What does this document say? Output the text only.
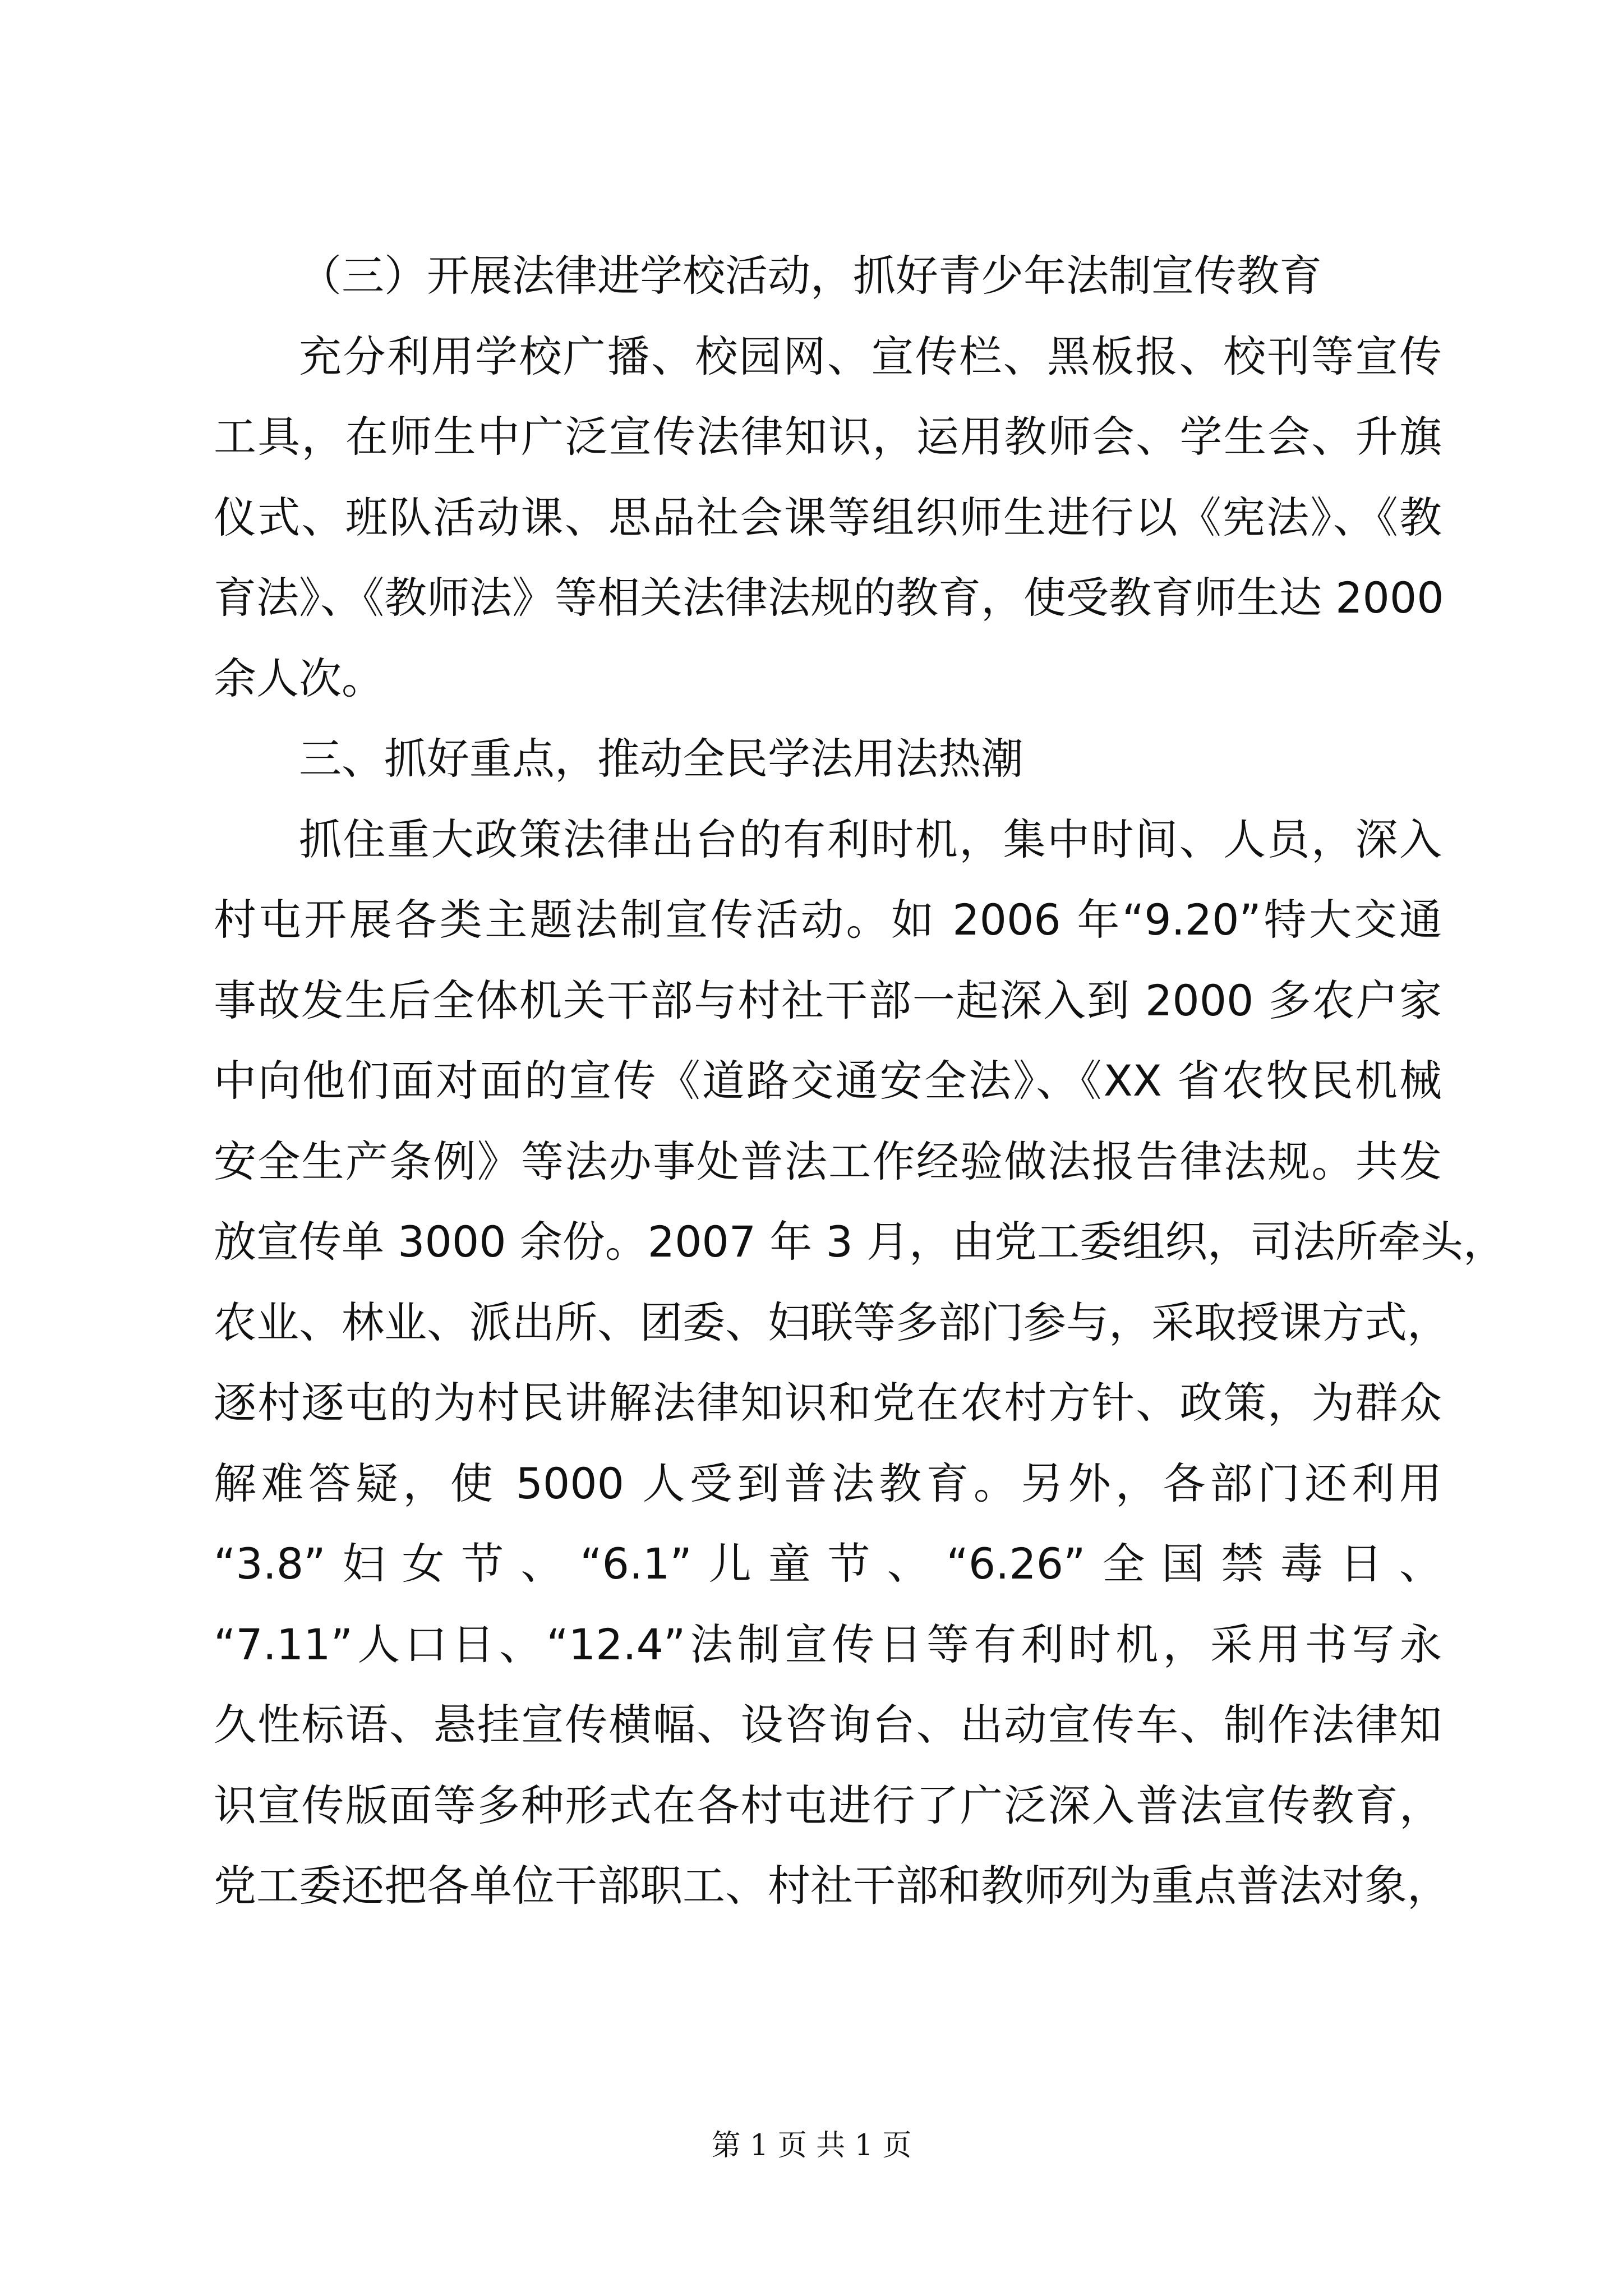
（三）开展法律进学校活动，抓好青少年法制宣传教育
充分利用学校广播、校园网、宣传栏、黑板报、校刊等宣传
工具，在师生中广泛宣传法律知识，运用教师会、学生会、升旗
仪式、班队活动课、思品社会课等组织师生进行以《宪法》、《教
育法》、《教师法》等相关法律法规的教育，使受教育师生达 2000
余人次。
三、抓好重点，推动全民学法用法热潮
抓住重大政策法律出台的有利时机，集中时间、人员，深入
村屯开展各类主题法制宣传活动。如 2006 年“9.20”特大交通
事故发生后全体机关干部与村社干部一起深入到 2000 多农户家
中向他们面对面的宣传《道路交通安全法》、《XX 省农牧民机械
安全生产条例》等法办事处普法工作经验做法报告律法规。共发
放宣传单 3000 余份。2007 年 3 月，由党工委组织，司法所牵头，
农业、林业、派出所、团委、妇联等多部门参与，采取授课方式，
逐村逐屯的为村民讲解法律知识和党在农村方针、政策，为群众
解难答疑，使 5000 人受到普法教育。另外，各部门还利用
“3.8”妇女节、“6.1”儿童节、“6.26”全国禁毒日、
“7.11”人口日、“12.4”法制宣传日等有利时机，采用书写永
久性标语、悬挂宣传横幅、设咨询台、出动宣传车、制作法律知
识宣传版面等多种形式在各村屯进行了广泛深入普法宣传教育，
党工委还把各单位干部职工、村社干部和教师列为重点普法对象，
第 1 页 共 1 页
